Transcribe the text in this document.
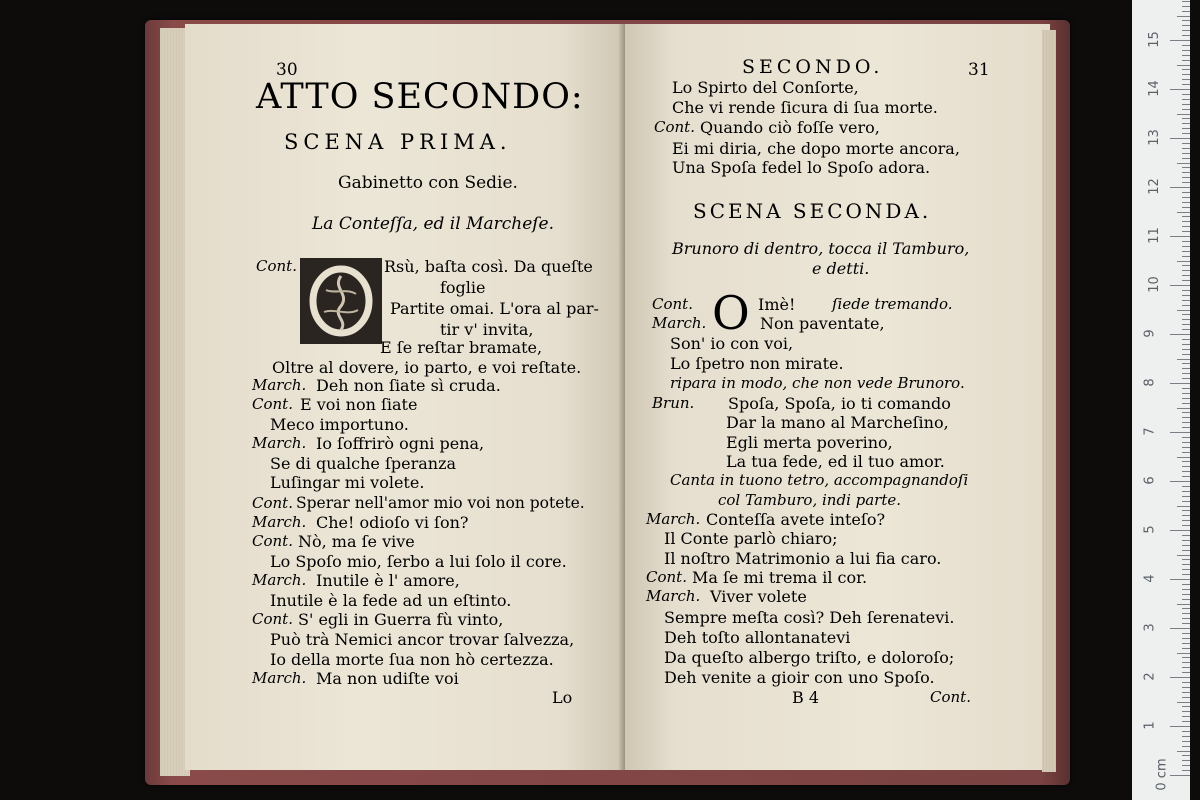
30
ATTO SECONDO:
SCENA PRIMA.
Gabinetto con Sedie.
La Conteſſa, ed il Marcheſe.
Cont.	Rsù, baſta così. Da queſte
foglie
Partite omai. L'ora al par-
tir v' invita,
E ſe reſtar bramate,
Oltre al dovere, io parto, e voi reſtate.
March. Deh non ſiate sì cruda.
Cont. E voi non ſiate
Meco importuno.
March. Io ſoffrirò ogni pena,
Se di qualche ſperanza
Luſingar mi volete.
Cont. Sperar nell'amor mio voi non potete.
March. Che! odioſo vi ſon?
Cont. Nò, ma ſe vive
Lo Spoſo mio, ſerbo a lui ſolo il core.
March. Inutile è l' amore,
Inutile è la fede ad un eſtinto.
Cont. S' egli in Guerra fù vinto,
Può trà Nemici ancor trovar ſalvezza,
Io della morte ſua non hò certezza.
March. Ma non udiſte voi
Lo
SECONDO.	31
Lo Spirto del Conſorte,
Che vi rende ſicura di ſua morte.
Cont. Quando ciò foſſe vero,
Ei mi diria, che dopo morte ancora,
Una Spoſa fedel lo Spoſo adora.
SCENA SECONDA.
Brunoro di dentro, tocca il Tamburo,
e detti.
O
Cont.	Imè! ſiede tremando.
March.	Non paventate,
Son' io con voi,
Lo ſpetro non mirate.
ripara in modo, che non vede Brunoro.
Brun. Spoſa, Spoſa, io ti comando
Dar la mano al Marcheſino,
Egli merta poverino,
La tua fede, ed il tuo amor.
Canta in tuono tetro, accompagnandoſi
col Tamburo, indi parte.
March. Conteſſa avete inteſo?
Il Conte parlò chiaro;
Il noſtro Matrimonio a lui fia caro.
Cont. Ma ſe mi trema il cor.
March. Viver volete
Sempre meſta così? Deh ſerenatevi.
Deh toſto allontanatevi
Da queſto albergo triſto, e doloroſo;
Deh venite a gioir con uno Spoſo.
B 4	Cont.
0 cm
1
2
3
4
5
6
7
8
9
10
11
12
13
14
15
